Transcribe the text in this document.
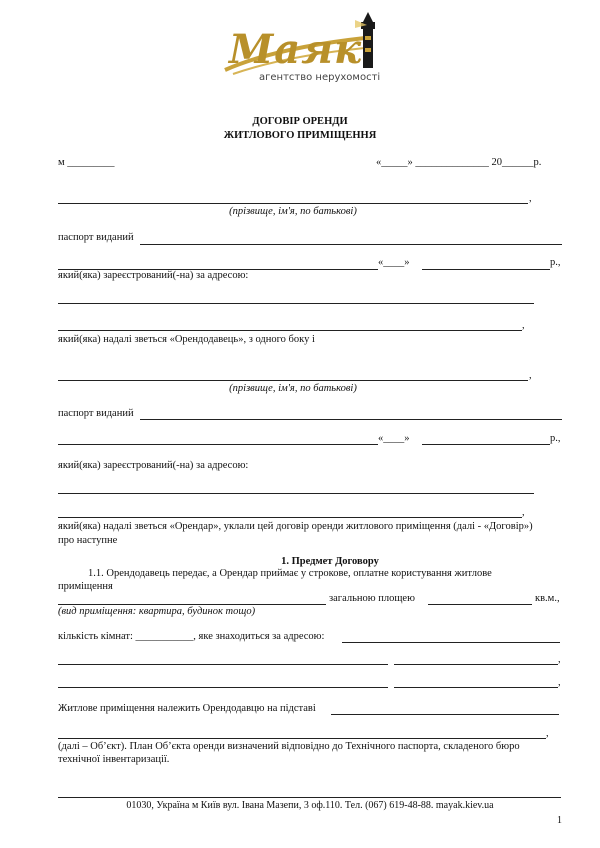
Маяк
агентство нерухомості
ДОГОВІР ОРЕНДИ
ЖИТЛОВОГО ПРИМІЩЕННЯ
м _________	«_____» ______________ 20______р.
,
(прізвище, ім'я, по батькові)
паспорт виданий
«____»	р.,
який(яка) зареєстрований(-на) за адресою:
,
який(яка) надалі зветься «Орендодавець», з одного боку і
,
(прізвище, ім'я, по батькові)
паспорт виданий
«____»	р.,
який(яка) зареєстрований(-на) за адресою:
,
який(яка) надалі зветься «Орендар», уклали цей договір оренди житлового приміщення (далі - «Договір»)
про наступне
1. Предмет Договору
1.1. Орендодавець передає, а Орендар приймає у строкове, оплатне користування житлове
приміщення
загальною площею	кв.м.,
(вид приміщення: квартира, будинок тощо)
кількість кімнат: ___________, яке знаходиться за адресою:
,
,
Житлове приміщення належить Орендодавцю на підставі
,
(далі – Об’єкт). План Об’єкта оренди визначений відповідно до Технічного паспорта, складеного бюро
технічної інвентаризації.
01030, Україна м Київ вул. Івана Мазепи, 3 оф.110. Тел. (067) 619-48-88. mayak.kiev.ua
1
